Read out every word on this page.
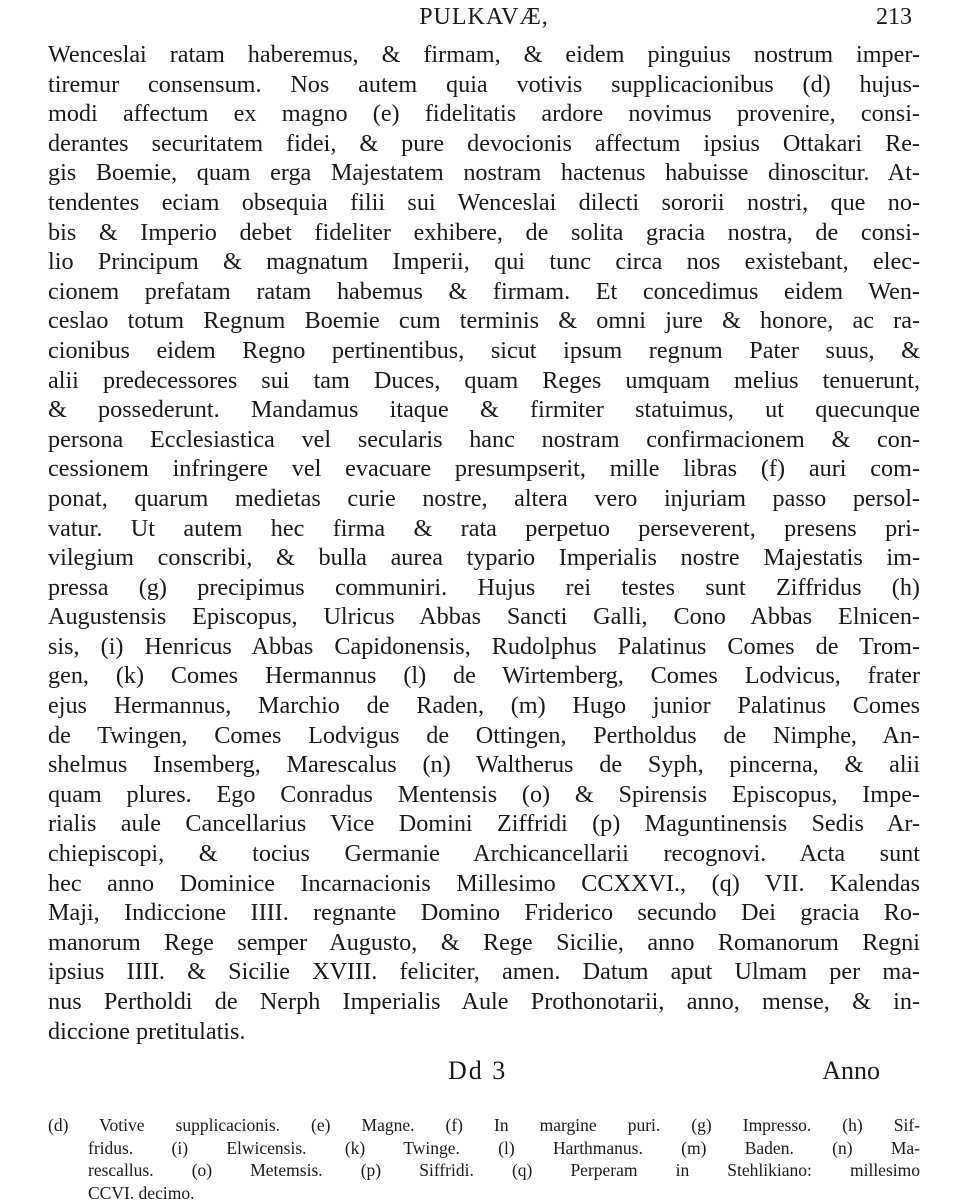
PULKAVÆ,	213
Wenceslai ratam haberemus, & firmam, & eidem pinguius nostrum imper-
tiremur consensum. Nos autem quia votivis supplicacionibus (d) hujus-
modi affectum ex magno (e) fidelitatis ardore novimus provenire, consi-
derantes securitatem fidei, & pure devocionis affectum ipsius Ottakari Re-
gis Boemie, quam erga Majestatem nostram hactenus habuisse dinoscitur. At-
tendentes eciam obsequia filii sui Wenceslai dilecti sororii nostri, que no-
bis & Imperio debet fideliter exhibere, de solita gracia nostra, de consi-
lio Principum & magnatum Imperii, qui tunc circa nos existebant, elec-
cionem prefatam ratam habemus & firmam. Et concedimus eidem Wen-
ceslao totum Regnum Boemie cum terminis & omni jure & honore, ac ra-
cionibus eidem Regno pertinentibus, sicut ipsum regnum Pater suus, &
alii predecessores sui tam Duces, quam Reges umquam melius tenuerunt,
& possederunt. Mandamus itaque & firmiter statuimus, ut quecunque
persona Ecclesiastica vel secularis hanc nostram confirmacionem & con-
cessionem infringere vel evacuare presumpserit, mille libras (f) auri com-
ponat, quarum medietas curie nostre, altera vero injuriam passo persol-
vatur. Ut autem hec firma & rata perpetuo perseverent, presens pri-
vilegium conscribi, & bulla aurea typario Imperialis nostre Majestatis im-
pressa (g) precipimus communiri. Hujus rei testes sunt Ziffridus (h)
Augustensis Episcopus, Ulricus Abbas Sancti Galli, Cono Abbas Elnicen-
sis, (i) Henricus Abbas Capidonensis, Rudolphus Palatinus Comes de Trom-
gen, (k) Comes Hermannus (l) de Wirtemberg, Comes Lodvicus, frater
ejus Hermannus, Marchio de Raden, (m) Hugo junior Palatinus Comes
de Twingen, Comes Lodvigus de Ottingen, Pertholdus de Nimphe, An-
shelmus Insemberg, Marescalus (n) Waltherus de Syph, pincerna, & alii
quam plures. Ego Conradus Mentensis (o) & Spirensis Episcopus, Impe-
rialis aule Cancellarius Vice Domini Ziffridi (p) Maguntinensis Sedis Ar-
chiepiscopi, & tocius Germanie Archicancellarii recognovi. Acta sunt
hec anno Dominice Incarnacionis Millesimo CCXXVI., (q) VII. Kalendas
Maji, Indiccione IIII. regnante Domino Friderico secundo Dei gracia Ro-
manorum Rege semper Augusto, & Rege Sicilie, anno Romanorum Regni
ipsius IIII. & Sicilie XVIII. feliciter, amen. Datum aput Ulmam per ma-
nus Pertholdi de Nerph Imperialis Aule Prothonotarii, anno, mense, & in-
diccione pretitulatis.
Dd 3	Anno
(d) Votive supplicacionis. (e) Magne. (f) In margine puri. (g) Impresso. (h) Sif-
fridus. (i) Elwicensis. (k) Twinge. (l) Harthmanus. (m) Baden. (n) Ma-
rescallus. (o) Metemsis. (p) Siffridi. (q) Perperam in Stehlikiano: millesimo
CCVI. decimo.
